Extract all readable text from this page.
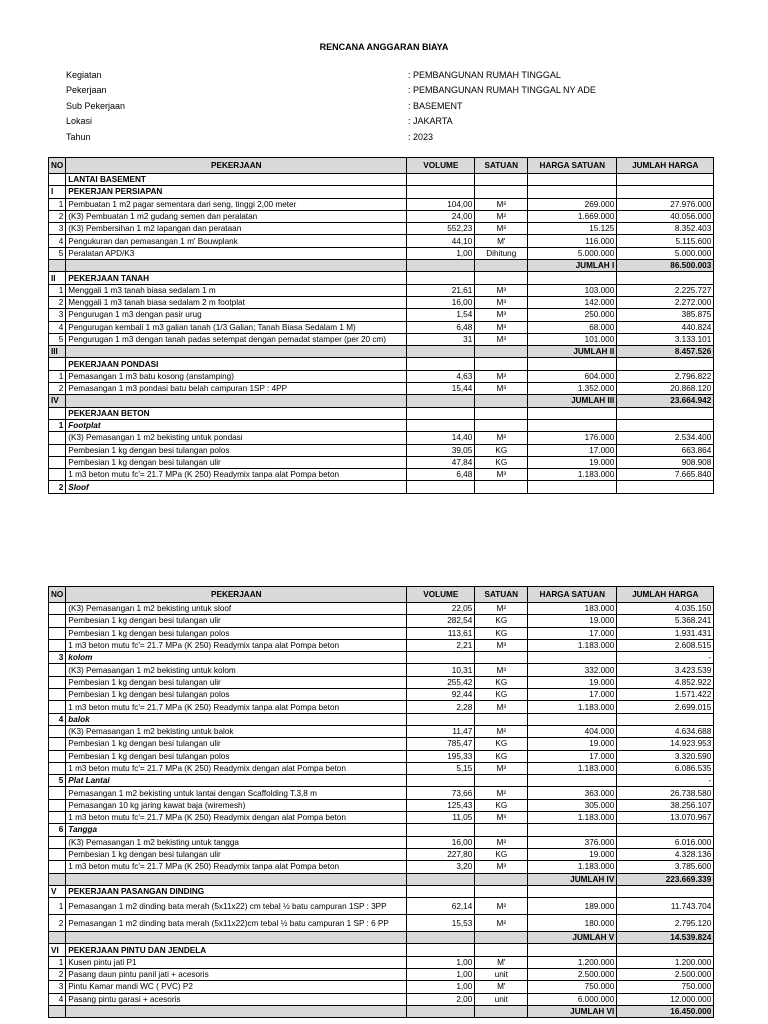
RENCANA ANGGARAN BIAYA
Kegiatan	: PEMBANGUNAN RUMAH TINGGAL
Pekerjaan	: PEMBANGUNAN RUMAH TINGGAL NY ADE
Sub Pekerjaan	: BASEMENT
Lokasi	: JAKARTA
Tahun	: 2023
NO	PEKERJAAN	VOLUME	SATUAN	HARGA SATUAN	JUMLAH HARGA
	LANTAI BASEMENT				
I	PEKERJAN PERSIAPAN				
1	Pembuatan 1 m2 pagar sementara dari seng, tinggi 2,00 meter	104,00	M²	269.000	27.976.000
2	(K3) Pembuatan 1 m2 gudang semen dan peralatan	24,00	M²	1.669.000	40.056.000
3	(K3) Pembersihan 1 m2 lapangan dan perataan	552,23	M²	15.125	8.352.403
4	Pengukuran dan pemasangan 1 m' Bouwplank	44,10	M'	116.000	5.115.600
5	Peralatan APD/K3	1,00	Dihitung	5.000.000	5.000.000
				JUMLAH I	86.500.003
II	PEKERJAAN TANAH				
1	Menggali 1 m3 tanah biasa sedalam 1 m	21,61	M³	103.000	2.225.727
2	Menggali 1 m3 tanah biasa sedalam 2 m footplat	16,00	M³	142.000	2.272.000
3	Pengurugan 1 m3 dengan pasir urug	1,54	M³	250.000	385.875
4	Pengurugan kembali 1 m3 galian tanah (1/3 Galian; Tanah Biasa Sedalam 1 M)	6,48	M³	68.000	440.824
5	Pengurugan 1 m3 dengan tanah padas setempat dengan pemadat stamper (per 20 cm)	31	M³	101.000	3.133.101
III				JUMLAH II	8.457.526
	PEKERJAAN PONDASI				
1	Pemasangan 1 m3 batu kosong (anstamping)	4,63	M³	604.000	2.796.822
2	Pemasangan 1 m3 pondasi batu belah campuran 1SP : 4PP	15,44	M³	1.352.000	20.868.120
IV				JUMLAH III	23.664.942
	PEKERJAAN BETON				
1	Footplat				
	(K3) Pemasangan 1 m2 bekisting untuk pondasi	14,40	M²	176.000	2.534.400
	Pembesian 1 kg dengan besi tulangan polos	39,05	KG	17.000	663.864
	Pembesian 1 kg dengan besi tulangan ulir	47,84	KG	19.000	908.908
	1 m3 beton mutu fc'= 21.7 MPa (K 250) Readymix tanpa alat Pompa beton	6,48	M³	1.183.000	7.665.840
2	Sloof				
NO	PEKERJAAN	VOLUME	SATUAN	HARGA SATUAN	JUMLAH HARGA
	(K3) Pemasangan 1 m2 bekisting untuk sloof	22,05	M²	183.000	4.035.150
	Pembesian 1 kg dengan besi tulangan ulir	282,54	KG	19.000	5.368.241
	Pembesian 1 kg dengan besi tulangan polos	113,61	KG	17.000	1.931.431
	1 m3 beton mutu fc'= 21.7 MPa (K 250) Readymix tanpa alat Pompa beton	2,21	M³	1.183.000	2.608.515
3	kolom				-
	(K3) Pemasangan 1 m2 bekisting untuk kolom	10,31	M³	332.000	3.423.539
	Pembesian 1 kg dengan besi tulangan ulir	255,42	KG	19.000	4.852.922
	Pembesian 1 kg dengan besi tulangan polos	92,44	KG	17.000	1.571.422
	1 m3 beton mutu fc'= 21.7 MPa (K 250) Readymix tanpa alat Pompa beton	2,28	M³	1.183.000	2.699.015
4	balok				
	(K3) Pemasangan 1 m2 bekisting untuk balok	11,47	M²	404.000	4.634.688
	Pembesian 1 kg dengan besi tulangan ulir	785,47	KG	19.000	14.923.953
	Pembesian 1 kg dengan besi tulangan polos	195,33	KG	17.000	3.320.590
	1 m3 beton mutu fc'= 21.7 MPa (K 250) Readymix dengan alat Pompa beton	5,15	M³	1.183.000	6.086.535
5	Plat Lantai				-
	Pemasangan 1 m2 bekisting untuk lantai dengan Scaffolding T.3,8 m	73,66	M²	363.000	26.738.580
	Pemasangan 10 kg jaring kawat baja (wiremesh)	125,43	KG	305.000	38.256.107
	1 m3 beton mutu fc'= 21.7 MPa (K 250) Readymix dengan alat Pompa beton	11,05	M³	1.183.000	13.070.967
6	Tangga				
	(K3) Pemasangan 1 m2 bekisting untuk tangga	16,00	M²	376.000	6.016.000
	Pembesian 1 kg dengan besi tulangan ulir	227,80	KG	19.000	4.328.136
	1 m3 beton mutu fc'= 21.7 MPa (K 250) Readymix tanpa alat Pompa beton	3,20	M³	1.183.000	3.785.600
				JUMLAH IV	223.669.339
V	PEKERJAAN PASANGAN DINDING				
1	Pemasangan 1 m2 dinding bata merah (5x11x22) cm tebal ½ batu campuran 1SP : 3PP	62,14	M²	189.000	11.743.704
2	Pemasangan 1 m2 dinding bata merah (5x11x22)cm tebal ½ batu campuran 1 SP : 6 PP	15,53	M²	180.000	2.795.120
				JUMLAH V	14.539.824
VI	PEKERJAAN PINTU DAN JENDELA				
1	Kusen pintu jati P1	1,00	M'	1.200.000	1.200.000
2	Pasang daun pintu panil jati + acesoris	1,00	unit	2.500.000	2.500.000
3	Pintu Kamar mandi WC ( PVC) P2	1,00	M'	750.000	750.000
4	Pasang pintu garasi + acesoris	2,00	unit	6.000.000	12.000.000
				JUMLAH VI	16.450.000
